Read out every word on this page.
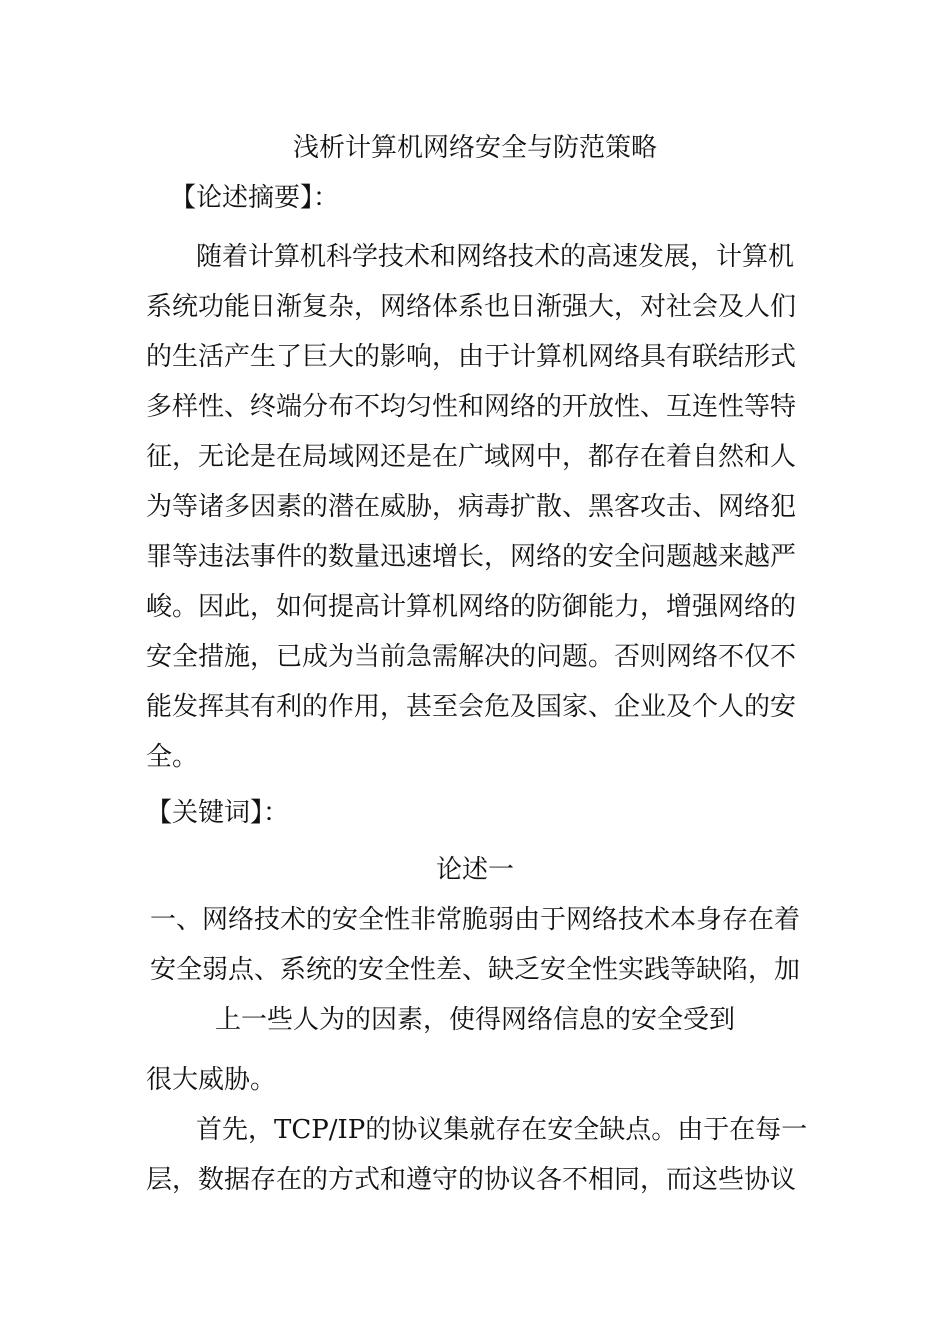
浅析计算机网络安全与防范策略
【论述摘要】：
随着计算机科学技术和网络技术的高速发展，计算机
系统功能日渐复杂，网络体系也日渐强大，对社会及人们
的生活产生了巨大的影响，由于计算机网络具有联结形式
多样性、终端分布不均匀性和网络的开放性、互连性等特
征，无论是在局域网还是在广域网中，都存在着自然和人
为等诸多因素的潜在威胁，病毒扩散、黑客攻击、网络犯
罪等违法事件的数量迅速增长，网络的安全问题越来越严
峻。因此，如何提高计算机网络的防御能力，增强网络的
安全措施，已成为当前急需解决的问题。否则网络不仅不
能发挥其有利的作用，甚至会危及国家、企业及个人的安
全。
【关键词】：
论述一
一、网络技术的安全性非常脆弱由于网络技术本身存在着
安全弱点、系统的安全性差、缺乏安全性实践等缺陷，加
上一些人为的因素，使得网络信息的安全受到
很大威胁。
首先，TCP/IP的协议集就存在安全缺点。由于在每一
层，数据存在的方式和遵守的协议各不相同，而这些协议
